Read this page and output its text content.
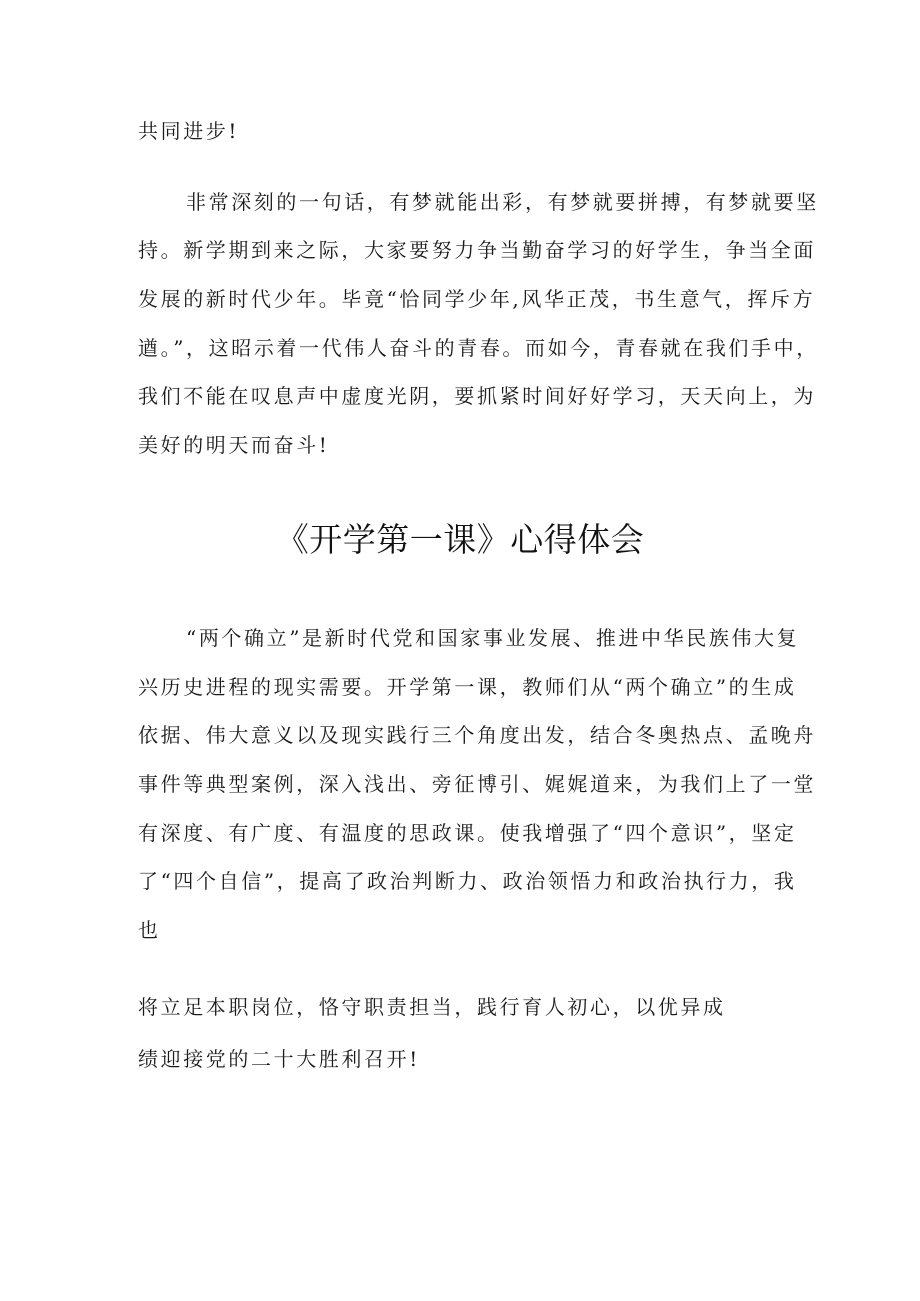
共同进步!
非常深刻的一句话，有梦就能出彩，有梦就要拼搏，有梦就要坚
持。新学期到来之际，大家要努力争当勤奋学习的好学生，争当全面
发展的新时代少年。毕竟“恰同学少年,风华正茂，书生意气，挥斥方
遒。”，这昭示着一代伟人奋斗的青春。而如今，青春就在我们手中，
我们不能在叹息声中虚度光阴，要抓紧时间好好学习，天天向上，为
美好的明天而奋斗!
《开学第一课》心得体会
“两个确立”是新时代党和国家事业发展、推进中华民族伟大复
兴历史进程的现实需要。开学第一课，教师们从“两个确立”的生成
依据、伟大意义以及现实践行三个角度出发，结合冬奥热点、孟晚舟
事件等典型案例，深入浅出、旁征博引、娓娓道来，为我们上了一堂
有深度、有广度、有温度的思政课。使我增强了“四个意识”，坚定
了“四个自信”，提高了政治判断力、政治领悟力和政治执行力，我
也
将立足本职岗位，恪守职责担当，践行育人初心，以优异成
绩迎接党的二十大胜利召开!
